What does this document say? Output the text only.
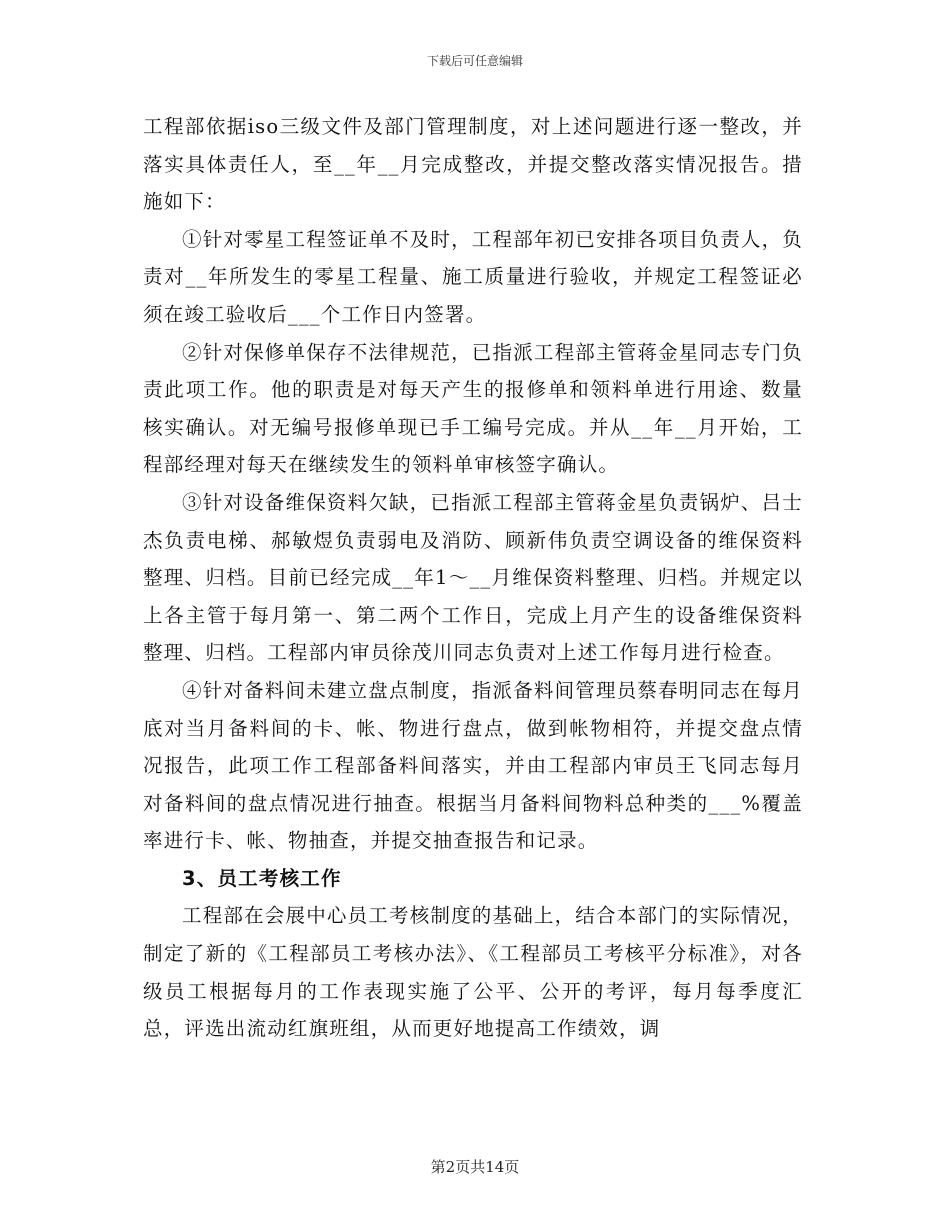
下载后可任意编辑

工程部依据iso三级文件及部门管理制度，对上述问题进行逐一整改，并落实具体责任人，至__年__月完成整改，并提交整改落实情况报告。措施如下：

①针对零星工程签证单不及时，工程部年初已安排各项目负责人，负责对__年所发生的零星工程量、施工质量进行验收，并规定工程签证必须在竣工验收后___个工作日内签署。

②针对保修单保存不法律规范，已指派工程部主管蒋金星同志专门负责此项工作。他的职责是对每天产生的报修单和领料单进行用途、数量核实确认。对无编号报修单现已手工编号完成。并从__年__月开始，工程部经理对每天在继续发生的领料单审核签字确认。

③针对设备维保资料欠缺，已指派工程部主管蒋金星负责锅炉、吕士杰负责电梯、郝敏煜负责弱电及消防、顾新伟负责空调设备的维保资料整理、归档。目前已经完成__年1～__月维保资料整理、归档。并规定以上各主管于每月第一、第二两个工作日，完成上月产生的设备维保资料整理、归档。工程部内审员徐茂川同志负责对上述工作每月进行检查。

④针对备料间未建立盘点制度，指派备料间管理员蔡春明同志在每月底对当月备料间的卡、帐、物进行盘点，做到帐物相符，并提交盘点情况报告，此项工作工程部备料间落实，并由工程部内审员王飞同志每月对备料间的盘点情况进行抽查。根据当月备料间物料总种类的___%覆盖率进行卡、帐、物抽查，并提交抽查报告和记录。

3、员工考核工作

工程部在会展中心员工考核制度的基础上，结合本部门的实际情况，制定了新的《工程部员工考核办法》、《工程部员工考核平分标准》，对各级员工根据每月的工作表现实施了公平、公开的考评，每月每季度汇总，评选出流动红旗班组，从而更好地提高工作绩效，调

第2页共14页
